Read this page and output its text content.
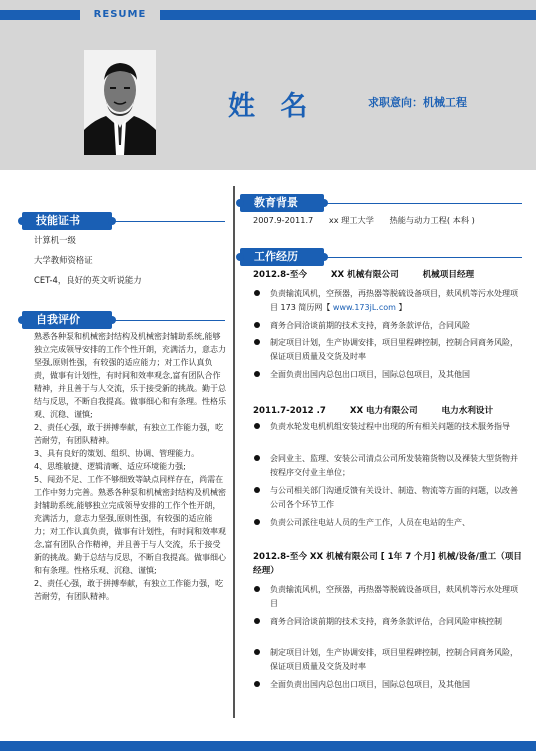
RESUME
姓 名	求职意向：机械工程
技能证书
计算机一级
大学教师资格证
CET-4，良好的英文听说能力
自我评价
熟悉各种泵和机械密封结构及机械密封辅助系统,能够独立完成领导安排的工作个性开朗，充满活力，意志力坚强,原则性强，有较强的适应能力；对工作认真负责，做事有计划性，有时间和效率观念,富有团队合作精神，并且善于与人交流，乐于接受新的挑战。勤于总结与反思，不断自我提高。做事细心和有条理。性格乐观、沉稳、谨慎;
2、责任心强，敢于拼搏奉献，有独立工作能力强，吃苦耐劳，有团队精神。
3、具有良好的策划、组织、协调、管理能力。
4、思维敏捷、逻辑清晰、适应环境能力强;
5、闯劲不足、工作不够细致等缺点同样存在，尚需在工作中努力完善。熟悉各种泵和机械密封结构及机械密封辅助系统,能够独立完成领导安排的工作个性开朗，充满活力，意志力坚强,原则性强，有较强的适应能力；对工作认真负责，做事有计划性，有时间和效率观念,富有团队合作精神，并且善于与人交流，乐于接受新的挑战。勤于总结与反思，不断自我提高。做事细心和有条理。性格乐观、沉稳、谨慎;
2、责任心强，敢于拼搏奉献，有独立工作能力强，吃苦耐劳，有团队精神。
教育背景
2007.9-2011.7      xx 理工大学      热能与动力工程( 本科 )
工作经历
2012.8-至今        XX 机械有限公司        机械项目经理
负责输流风机，空预器，再热器等脱硫设备项目，麸风机等污水处理项目 173 简历网【 www.173jL.com 】
商务合同洽谈前期的技术支持，商务条款评估，合同风险
制定项目计划，生产协调安排，项目里程碑控制，控制合同商务风险，保证项目质量及交货及时率
全面负责出国内总包出口项目，国际总包项目，及其他国
2011.7-2012 .7        XX 电力有限公司        电力水利设计
负责水轮发电机机组安装过程中出现的所有相关问题的技术服务指导
会同业主、监理、安装公司清点公司所发装箱货物以及裸装大型货物并按程序交付业主单位；
与公司相关部门沟通反馈有关设计、制造、物流等方面的问题，以改善公司各个环节工作
负责公司派往电站人员的生产工作，人员在电站的生产、
2012.8-至今 XX 机械有限公司 [ 1年 7 个月] 机械/设备/重工（项目经理）
负责输流风机，空预器，再热器等脱硫设备项目，麸风机等污水处理项目
商务合同洽谈前期的技术支持，商务条款评估，合同风险审核控制
制定项目计划，生产协调安排，项目里程碑控制，控制合同商务风险，保证项目质量及交货及时率
全面负责出国内总包出口项目，国际总包项目，及其他国
